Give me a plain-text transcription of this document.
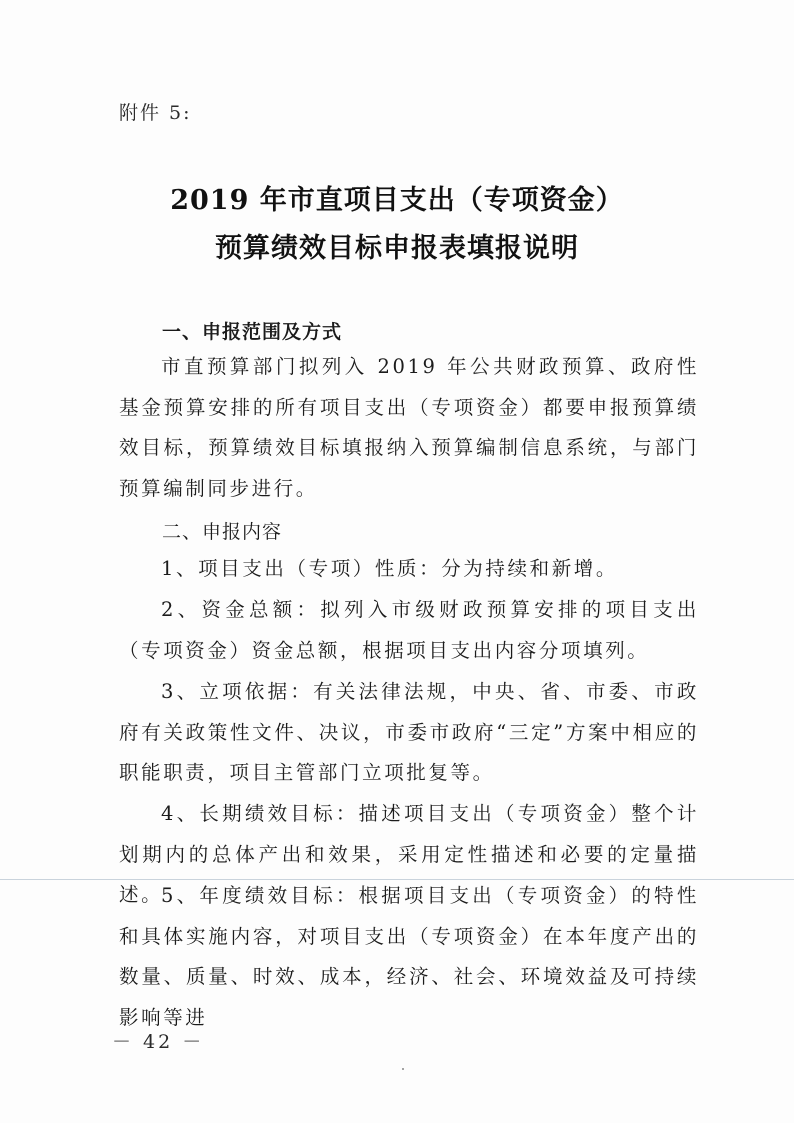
附件 5:
2019 年市直项目支出（专项资金）
预算绩效目标申报表填报说明
一、申报范围及方式
市直预算部门拟列入 2019 年公共财政预算、政府性基金预算安排的所有项目支出（专项资金）都要申报预算绩效目标，预算绩效目标填报纳入预算编制信息系统，与部门预算编制同步进行。
二、申报内容
1、项目支出（专项）性质：分为持续和新增。
2、资金总额：拟列入市级财政预算安排的项目支出（专项资金）资金总额，根据项目支出内容分项填列。
3、立项依据：有关法律法规，中央、省、市委、市政府有关政策性文件、决议，市委市政府“三定”方案中相应的职能职责，项目主管部门立项批复等。
4、长期绩效目标：描述项目支出（专项资金）整个计划期内的总体产出和效果，采用定性描述和必要的定量描述。
5、年度绩效目标：根据项目支出（专项资金）的特性和具体实施内容，对项目支出（专项资金）在本年度产出的数量、质量、时效、成本，经济、社会、环境效益及可持续影响等进
－ 42 －
